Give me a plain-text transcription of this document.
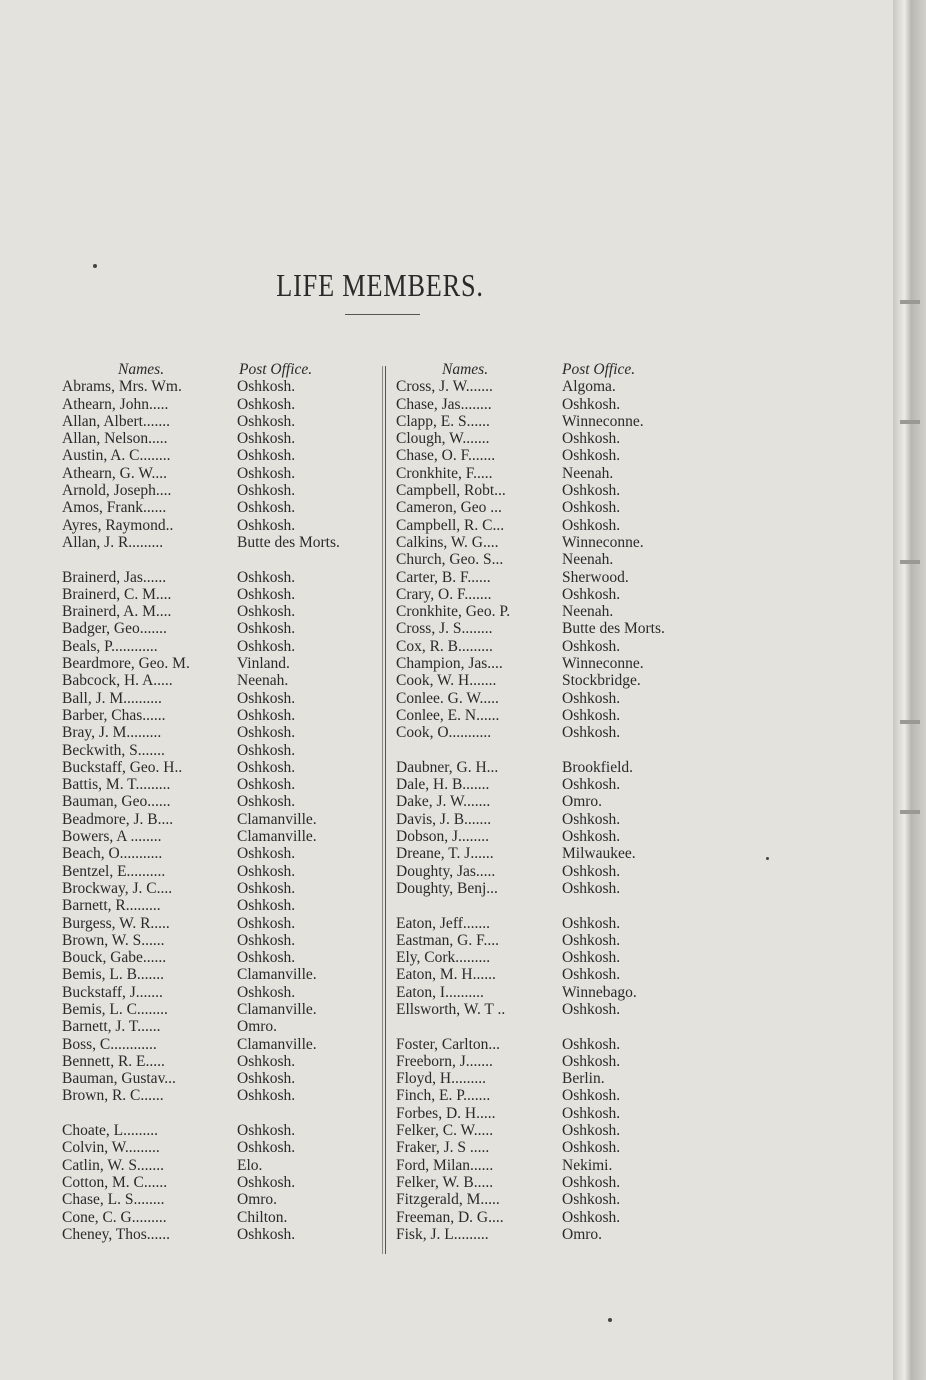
LIFE MEMBERS.
Names.	Post Office.
Abrams, Mrs. Wm.	Oshkosh.
Athearn, John.....	Oshkosh.
Allan, Albert.......	Oshkosh.
Allan, Nelson.....	Oshkosh.
Austin, A. C........	Oshkosh.
Athearn, G. W....	Oshkosh.
Arnold, Joseph....	Oshkosh.
Amos, Frank......	Oshkosh.
Ayres, Raymond..	Oshkosh.
Allan, J. R.........	Butte des Morts.
Brainerd, Jas......	Oshkosh.
Brainerd, C. M....	Oshkosh.
Brainerd, A. M....	Oshkosh.
Badger, Geo.......	Oshkosh.
Beals, P............	Oshkosh.
Beardmore, Geo. M.	Vinland.
Babcock, H. A.....	Neenah.
Ball, J. M..........	Oshkosh.
Barber, Chas......	Oshkosh.
Bray, J. M.........	Oshkosh.
Beckwith, S.......	Oshkosh.
Buckstaff, Geo. H..	Oshkosh.
Battis, M. T.........	Oshkosh.
Bauman, Geo......	Oshkosh.
Beadmore, J. B....	Clamanville.
Bowers, A ........	Clamanville.
Beach, O...........	Oshkosh.
Bentzel, E..........	Oshkosh.
Brockway, J. C....	Oshkosh.
Barnett, R.........	Oshkosh.
Burgess, W. R.....	Oshkosh.
Brown, W. S......	Oshkosh.
Bouck, Gabe......	Oshkosh.
Bemis, L. B.......	Clamanville.
Buckstaff, J.......	Oshkosh.
Bemis, L. C........	Clamanville.
Barnett, J. T......	Omro.
Boss, C............	Clamanville.
Bennett, R. E.....	Oshkosh.
Bauman, Gustav...	Oshkosh.
Brown, R. C......	Oshkosh.
Choate, L.........	Oshkosh.
Colvin, W.........	Oshkosh.
Catlin, W. S.......	Elo.
Cotton, M. C......	Oshkosh.
Chase, L. S........	Omro.
Cone, C. G.........	Chilton.
Cheney, Thos......	Oshkosh.
Names.	Post Office.
Cross, J. W.......	Algoma.
Chase, Jas........	Oshkosh.
Clapp, E. S......	Winneconne.
Clough, W.......	Oshkosh.
Chase, O. F.......	Oshkosh.
Cronkhite, F.....	Neenah.
Campbell, Robt...	Oshkosh.
Cameron, Geo ...	Oshkosh.
Campbell, R. C...	Oshkosh.
Calkins, W. G....	Winneconne.
Church, Geo. S...	Neenah.
Carter, B. F......	Sherwood.
Crary, O. F.......	Oshkosh.
Cronkhite, Geo. P.	Neenah.
Cross, J. S........	Butte des Morts.
Cox, R. B.........	Oshkosh.
Champion, Jas....	Winneconne.
Cook, W. H.......	Stockbridge.
Conlee. G. W.....	Oshkosh.
Conlee, E. N......	Oshkosh.
Cook, O...........	Oshkosh.
Daubner, G. H...	Brookfield.
Dale, H. B.......	Oshkosh.
Dake, J. W.......	Omro.
Davis, J. B.......	Oshkosh.
Dobson, J........	Oshkosh.
Dreane, T. J......	Milwaukee.
Doughty, Jas.....	Oshkosh.
Doughty, Benj...	Oshkosh.
Eaton, Jeff.......	Oshkosh.
Eastman, G. F....	Oshkosh.
Ely, Cork.........	Oshkosh.
Eaton, M. H......	Oshkosh.
Eaton, I..........	Winnebago.
Ellsworth, W. T ..	Oshkosh.
Foster, Carlton...	Oshkosh.
Freeborn, J.......	Oshkosh.
Floyd, H.........	Berlin.
Finch, E. P.......	Oshkosh.
Forbes, D. H.....	Oshkosh.
Felker, C. W.....	Oshkosh.
Fraker, J. S .....	Oshkosh.
Ford, Milan......	Nekimi.
Felker, W. B.....	Oshkosh.
Fitzgerald, M.....	Oshkosh.
Freeman, D. G....	Oshkosh.
Fisk, J. L.........	Omro.
